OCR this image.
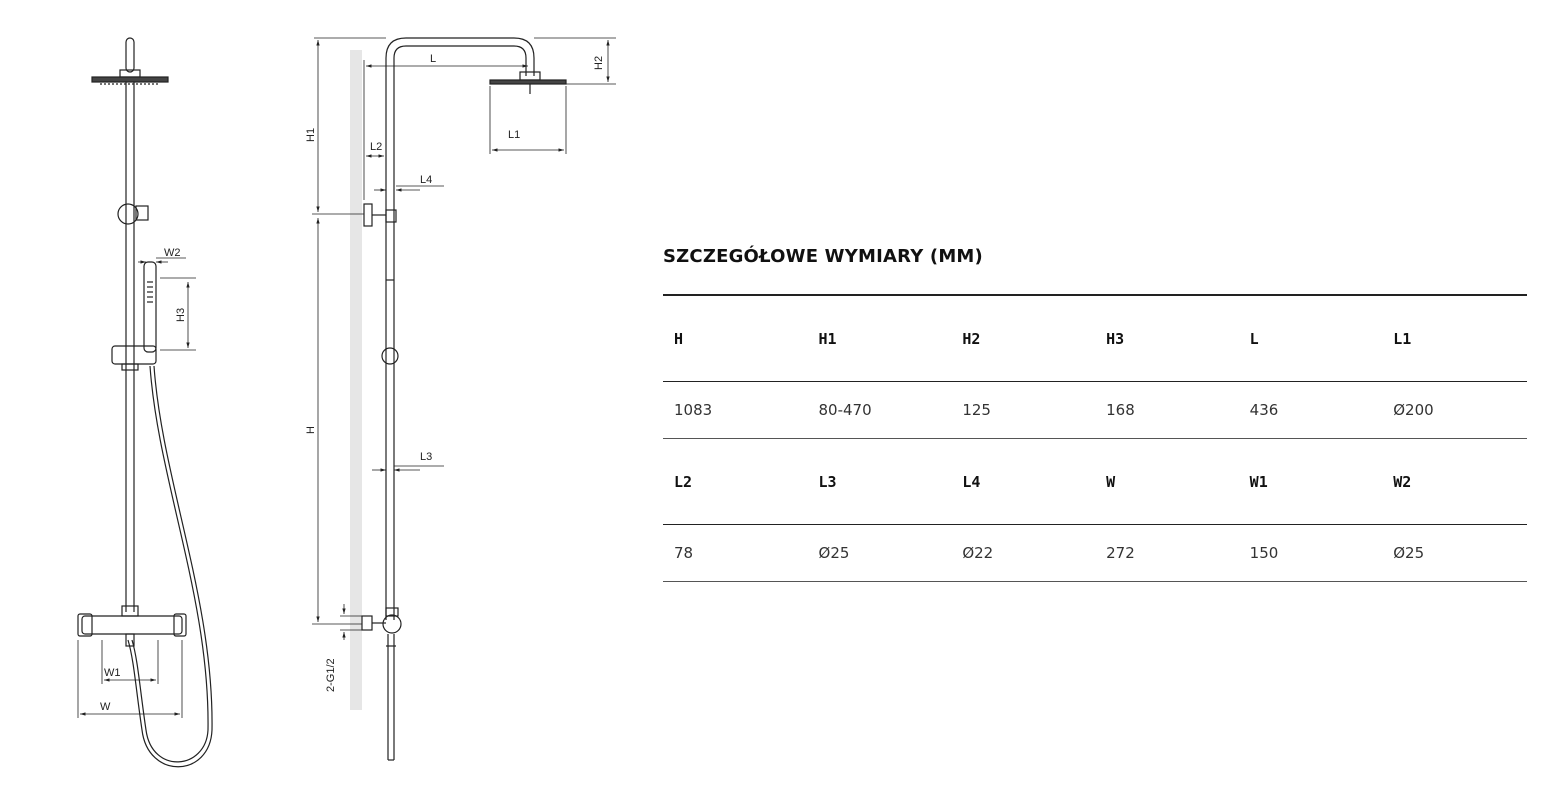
W2
H3
W1
W
L
H1
H
H2
L1
L2
L4
L3
2-G1/2
SZCZEGÓŁOWE WYMIARY (MM)
H	H1	H2	H3	L	L1
1083	80-470	125	168	436	Ø200
L2	L3	L4	W	W1	W2
78	Ø25	Ø22	272	150	Ø25
